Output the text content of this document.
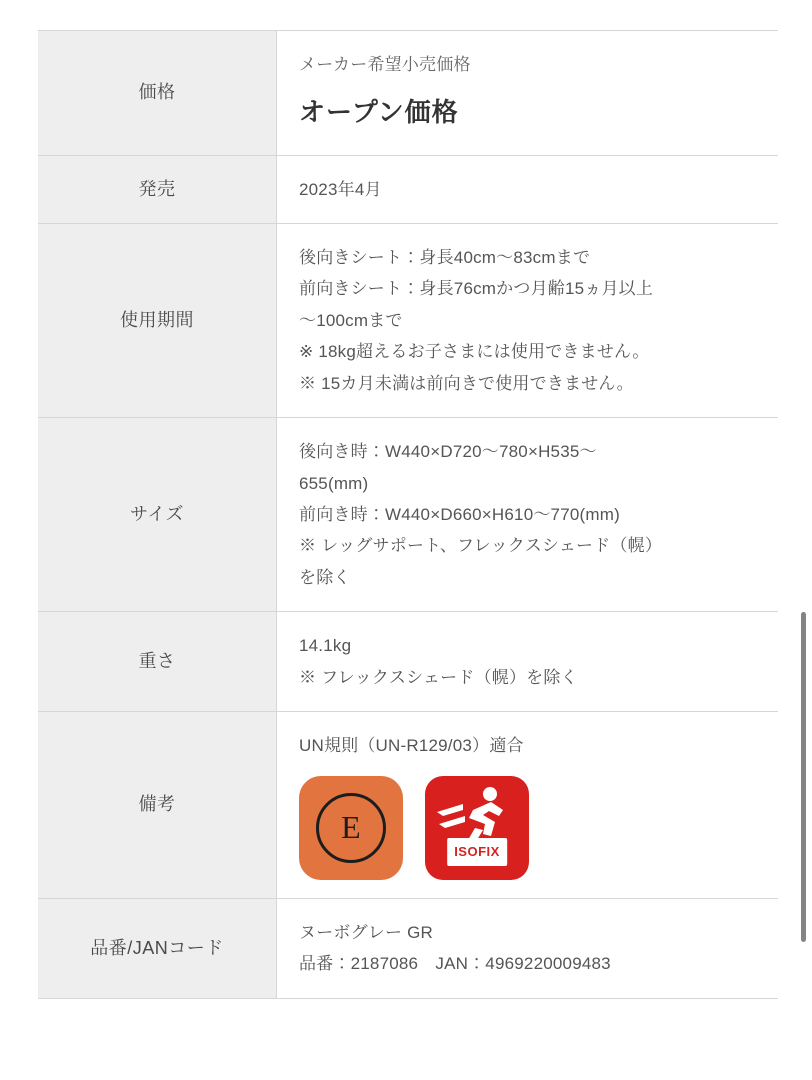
価格	メーカー希望小売価格
オープン価格

発売	2023年4月

使用期間	後向きシート：身長40cm〜83cmまで
前向きシート：身長76cmかつ月齢15ヵ月以上
〜100cmまで
※ 18kg超えるお子さまには使用できません。
※ 15カ月未満は前向きで使用できません。

サイズ	後向き時：W440×D720〜780×H535〜
655(mm)
前向き時：W440×D660×H610〜770(mm)
※ レッグサポート、フレックスシェード（幌）
を除く

重さ	14.1kg
※ フレックスシェード（幌）を除く

備考	UN規則（UN-R129/03）適合
E
ISOFIX

品番/JANコード	ヌーボグレー GR
品番：2187086　JAN：4969220009483
